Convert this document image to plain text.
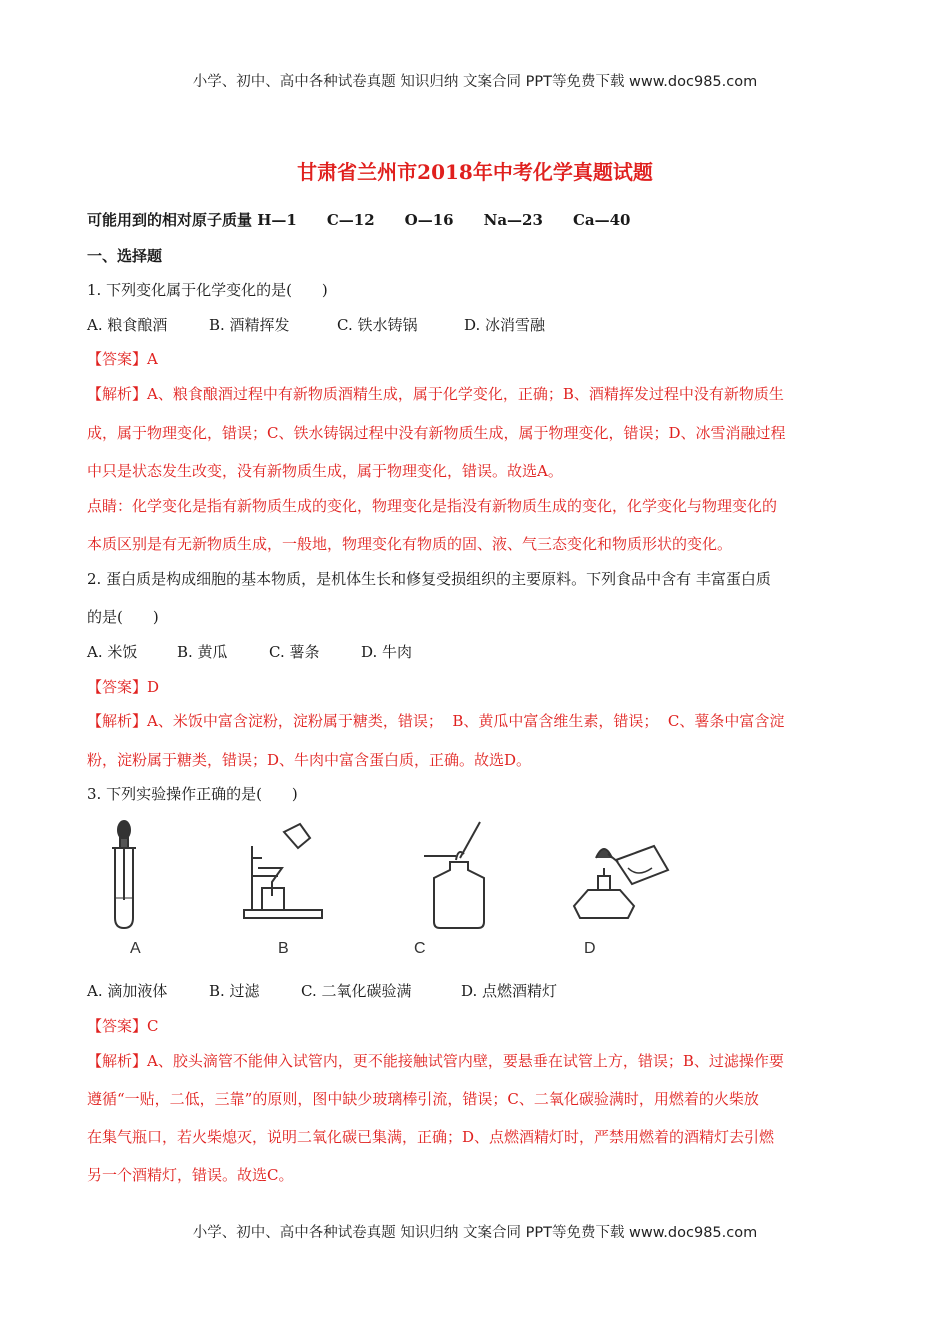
小学、初中、高中各种试卷真题 知识归纳 文案合同 PPT等免费下载 www.doc985.com
甘肃省兰州市2018年中考化学真题试题
可能用到的相对原子质量 H—1 C—12 O—16 Na—23 Ca—40
一、选择题
1. 下列变化属于化学变化的是(　　)
A. 粮食酿酒	B. 酒精挥发	C. 铁水铸锅	D. 冰消雪融
【答案】A
【解析】A、粮食酿酒过程中有新物质酒精生成，属于化学变化，正确；B、酒精挥发过程中没有新物质生
成，属于物理变化，错误；C、铁水铸锅过程中没有新物质生成，属于物理变化，错误；D、冰雪消融过程
中只是状态发生改变，没有新物质生成，属于物理变化，错误。故选A。
点睛：化学变化是指有新物质生成的变化，物理变化是指没有新物质生成的变化，化学变化与物理变化的
本质区别是有无新物质生成，一般地，物理变化有物质的固、液、气三态变化和物质形状的变化。
2. 蛋白质是构成细胞的基本物质，是机体生长和修复受损组织的主要原料。下列食品中含有 丰富蛋白质
的是(　　)
A. 米饭	B. 黄瓜	C. 薯条	D. 牛肉
【答案】D
【解析】A、米饭中富含淀粉，淀粉属于糖类，错误；  B、黄瓜中富含维生素，错误；  C、薯条中富含淀
粉，淀粉属于糖类，错误；D、牛肉中富含蛋白质，正确。故选D。
3. 下列实验操作正确的是(　　)
A	B	C	D
A. 滴加液体	B. 过滤	C. 二氧化碳验满	D. 点燃酒精灯
【答案】C
【解析】A、胶头滴管不能伸入试管内，更不能接触试管内壁，要悬垂在试管上方，错误；B、过滤操作要
遵循“一贴，二低，三靠”的原则，图中缺少玻璃棒引流，错误；C、二氧化碳验满时，用燃着的火柴放
在集气瓶口，若火柴熄灭，说明二氧化碳已集满，正确；D、点燃酒精灯时，严禁用燃着的酒精灯去引燃
另一个酒精灯，错误。故选C。
小学、初中、高中各种试卷真题 知识归纳 文案合同 PPT等免费下载 www.doc985.com
